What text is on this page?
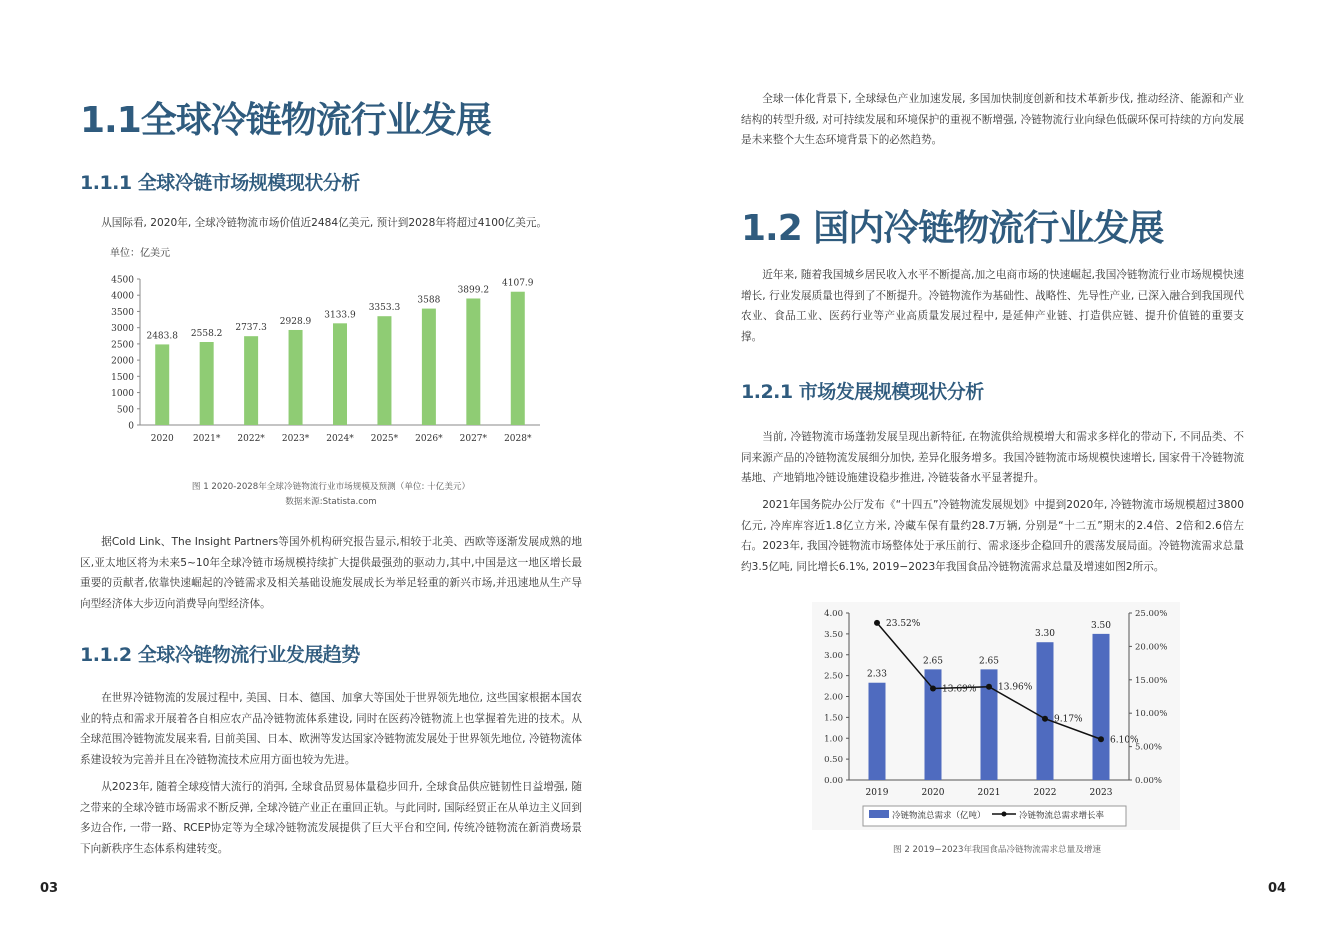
1.1全球冷链物流行业发展
1.1.1 全球冷链市场规模现状分析

从国际看, 2020年, 全球冷链物流市场价值近2484亿美元, 预计到2028年将超过4100亿美元。

单位：亿美元
0
500
1000
1500
2000
2500
3000
3500
4000
4500
2483.8
2020
2558.2
2021*
2737.3
2022*
2928.9
2023*
3133.9
2024*
3353.3
2025*
3588
2026*
3899.2
2027*
4107.9
2028*
图 1 2020-2028年全球冷链物流行业市场规模及预测（单位: 十亿美元）
数据来源:Statista.com

据Cold Link、The Insight Partners等国外机构研究报告显示,相较于北美、西欧等逐渐发展成熟的地区,亚太地区将为未来5~10年全球冷链市场规模持续扩大提供最强劲的驱动力,其中,中国是这一地区增长最重要的贡献者,依靠快速崛起的冷链需求及相关基础设施发展成长为举足轻重的新兴市场,并迅速地从生产导向型经济体大步迈向消费导向型经济体。

1.1.2 全球冷链物流行业发展趋势

在世界冷链物流的发展过程中, 美国、日本、德国、加拿大等国处于世界领先地位, 这些国家根据本国农业的特点和需求开展着各自相应农产品冷链物流体系建设, 同时在医药冷链物流上也掌握着先进的技术。从全球范围冷链物流发展来看, 目前美国、日本、欧洲等发达国家冷链物流发展处于世界领先地位, 冷链物流体系建设较为完善并且在冷链物流技术应用方面也较为先进。

从2023年, 随着全球疫情大流行的消弭, 全球食品贸易体量稳步回升, 全球食品供应链韧性日益增强, 随之带来的全球冷链市场需求不断反弹, 全球冷链产业正在重回正轨。与此同时, 国际经贸正在从单边主义回到多边合作, 一带一路、RCEP协定等为全球冷链物流发展提供了巨大平台和空间, 传统冷链物流在新消费场景下向新秩序生态体系构建转变。

03

全球一体化背景下, 全球绿色产业加速发展, 多国加快制度创新和技术革新步伐, 推动经济、能源和产业结构的转型升级, 对可持续发展和环境保护的重视不断增强, 冷链物流行业向绿色低碳环保可持续的方向发展是未来整个大生态环境背景下的必然趋势。

1.2 国内冷链物流行业发展

近年来, 随着我国城乡居民收入水平不断提高,加之电商市场的快速崛起,我国冷链物流行业市场规模快速增长, 行业发展质量也得到了不断提升。冷链物流作为基础性、战略性、先导性产业, 已深入融合到我国现代农业、食品工业、医药行业等产业高质量发展过程中, 是延伸产业链、打造供应链、提升价值链的重要支撑。

1.2.1 市场发展规模现状分析

当前, 冷链物流市场蓬勃发展呈现出新特征, 在物流供给规模增大和需求多样化的带动下, 不同品类、不同来源产品的冷链物流发展细分加快, 差异化服务增多。我国冷链物流市场规模快速增长, 国家骨干冷链物流基地、产地销地冷链设施建设稳步推进, 冷链装备水平显著提升。

2021年国务院办公厅发布《“十四五”冷链物流发展规划》中提到2020年, 冷链物流市场规模超过3800亿元, 冷库库容近1.8亿立方米, 冷藏车保有量约28.7万辆, 分别是“十二五”期末的2.4倍、2倍和2.6倍左右。2023年, 我国冷链物流市场整体处于承压前行、需求逐步企稳回升的震荡发展局面。冷链物流需求总量约3.5亿吨, 同比增长6.1%, 2019−2023年我国食品冷链物流需求总量及增速如图2所示。

0.00
0.50
1.00
1.50
2.00
2.50
3.00
3.50
4.00
0.00%
5.00%
10.00%
15.00%
20.00%
25.00%
2.33
2019
2.65
2020
2.65
2021
3.30
2022
3.50
2023
23.52%
13.69% 13.96%
9.17%
6.10%
冷链物流总需求（亿吨）	冷链物流总需求增长率
图 2 2019−2023年我国食品冷链物流需求总量及增速
04
